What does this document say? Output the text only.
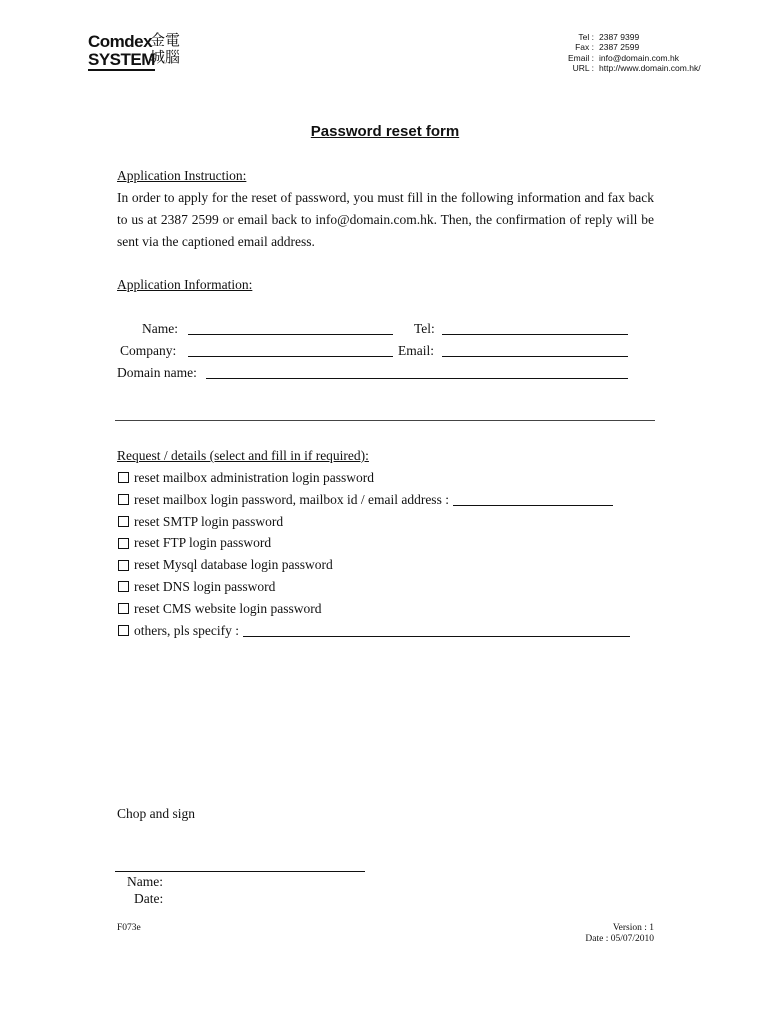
Comdex
SYSTEM
金 電
城 腦
Tel : 2387 9399
Fax : 2387 2599
Email : info@domain.com.hk
URL : http://www.domain.com.hk/
Password reset form
Application Instruction:
In order to apply for the reset of password, you must fill in the following information and fax back to us at 2387 2599 or email back to info@domain.com.hk. Then, the confirmation of reply will be sent via the captioned email address.
Application Information:
Name:	Tel:
Company:	Email:
Domain name:
Request / details (select and fill in if required):
reset mailbox administration login password
reset mailbox login password, mailbox id / email address :
reset SMTP login password
reset FTP login password
reset Mysql database login password
reset DNS login password
reset CMS website login password
others, pls specify :
Chop and sign
Name:
Date:
F073e	Version : 1
Date : 05/07/2010
